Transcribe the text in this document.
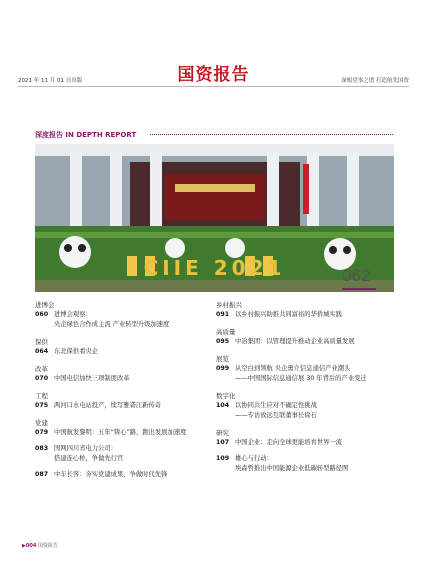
2021 年 11 月 01 日出版	国资报告	深根党事之谱 打造航先国资
深度报告 IN DEPTH REPORT
CIIE 2021	062

进博会

060 进博会观察：
央企绿色合作成主流 产业转型升级加速度

保供

064 东北保供看央企

改革

070 中国电信加快三项制度改革

工程

075 两河口水电站投产，续写雅砻江新传奇

党建

079 中国航发黎明：五年“铸心”路，跑出发展加速度
083 国网四川省电力公司：
搭建连心桥，争做先行官
087 中车长客：夯实党建成果，争做时代先锋

乡村振兴

091 以乡村振兴助推共同富裕的华侨城实践

高质量

095 中冶集团：以管理提升推动企业高质量发展

展览

099 从空白到领航 央企勇立信息通信产业潮头
——中国国际信息通信展 30 年背后的产业变迁

数字化

104 以协同共生应对不确定性挑战
——专访致远互联董事长徐石

研究

107 中国企业：走向全球更能培育世界一流
109 雄心与行动：
埃森哲推出中国能源企业低碳转型路径图
▶004 国资报告
